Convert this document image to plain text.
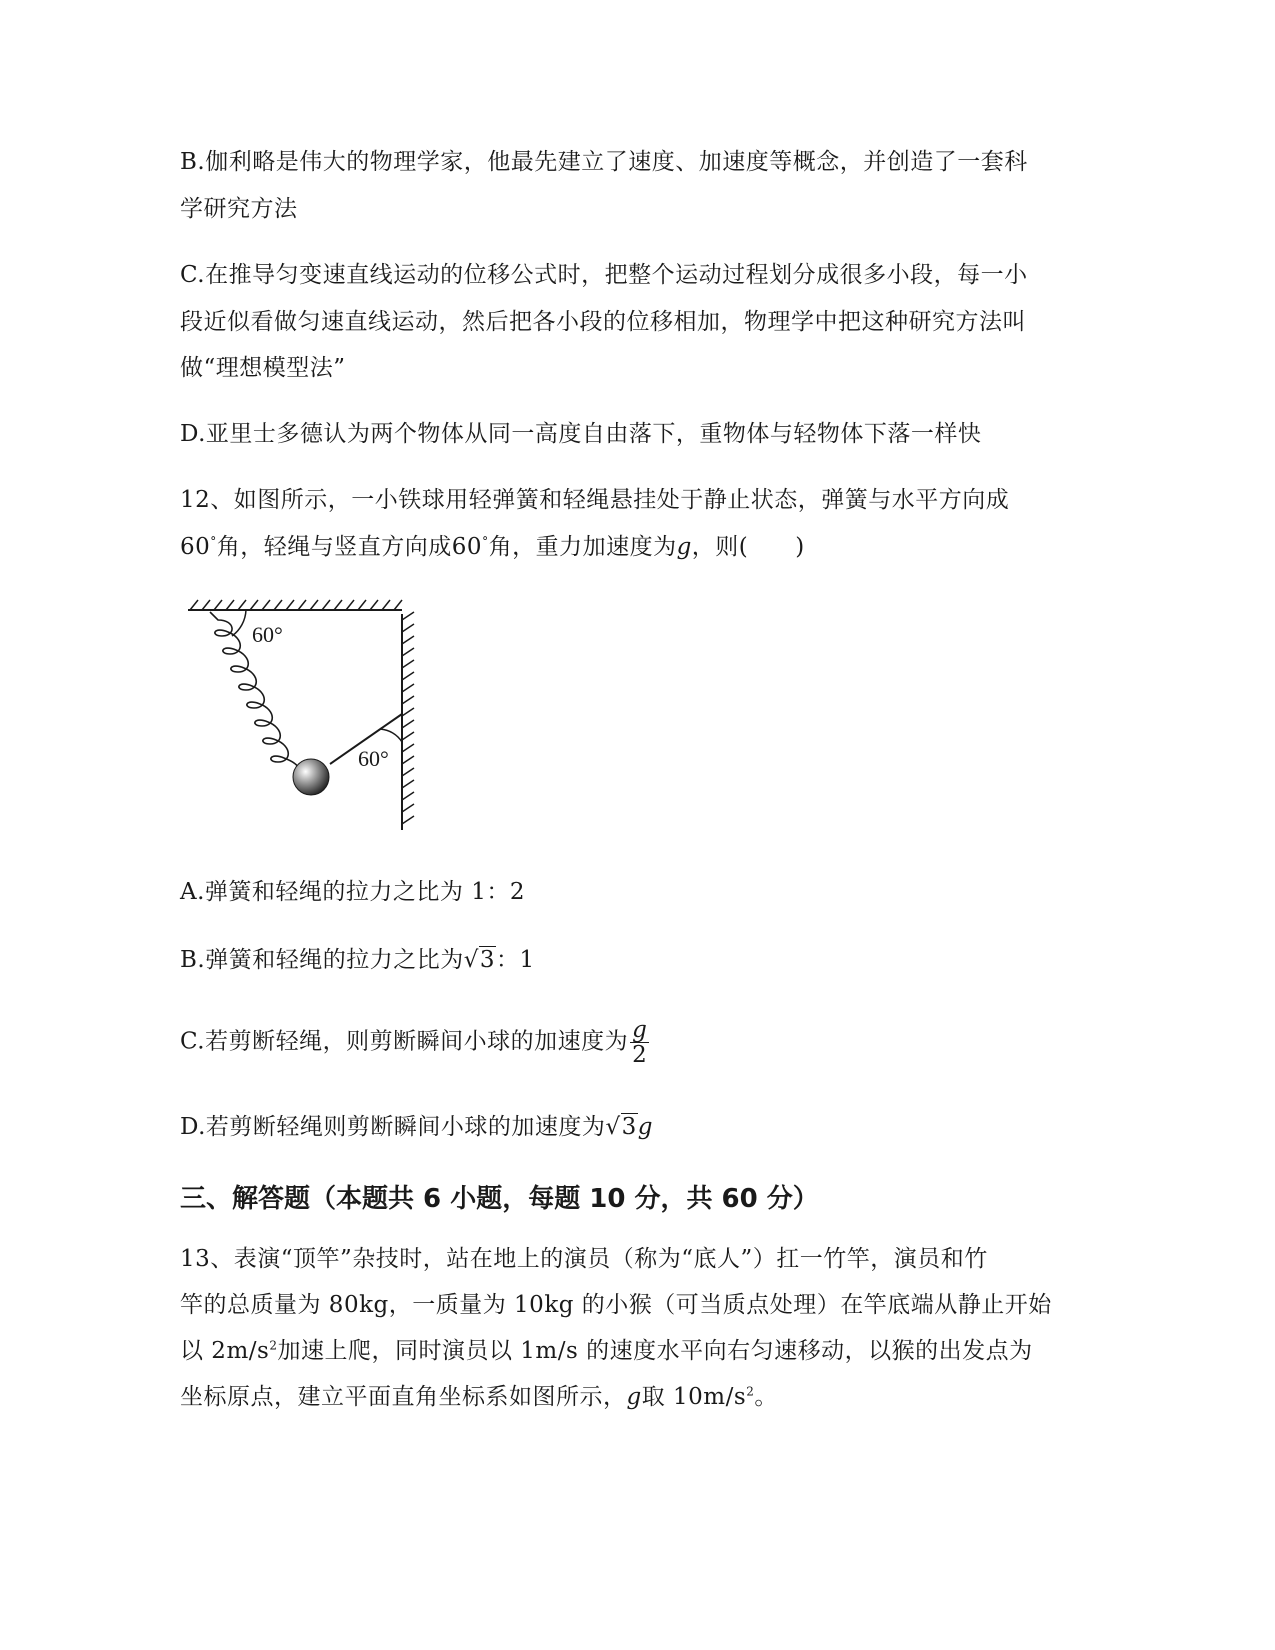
B.伽利略是伟大的物理学家，他最先建立了速度、加速度等概念，并创造了一套科
学研究方法
C.在推导匀变速直线运动的位移公式时，把整个运动过程划分成很多小段，每一小
段近似看做匀速直线运动，然后把各小段的位移相加，物理学中把这种研究方法叫
做“理想模型法”
D.亚里士多德认为两个物体从同一高度自由落下，重物体与轻物体下落一样快
12、如图所示，一小铁球用轻弹簧和轻绳悬挂处于静止状态，弹簧与水平方向成
60°角，轻绳与竖直方向成60°角，重力加速度为g，则(　　)
60°
60°
A.弹簧和轻绳的拉力之比为 1：2
B.弹簧和轻绳的拉力之比为√3：1
C.若剪断轻绳，则剪断瞬间小球的加速度为 $\frac{g}{2}$
D.若剪断轻绳则剪断瞬间小球的加速度为√3g
三、解答题（本题共 6 小题，每题 10 分，共 60 分）
13、表演“顶竿”杂技时，站在地上的演员（称为“底人”）扛一竹竿，演员和竹
竿的总质量为 80kg，一质量为 10kg 的小猴（可当质点处理）在竿底端从静止开始
以 $2m/s^2$加速上爬，同时演员以 1m/s 的速度水平向右匀速移动，以猴的出发点为
坐标原点，建立平面直角坐标系如图所示，g取 $10m/s^2$。
